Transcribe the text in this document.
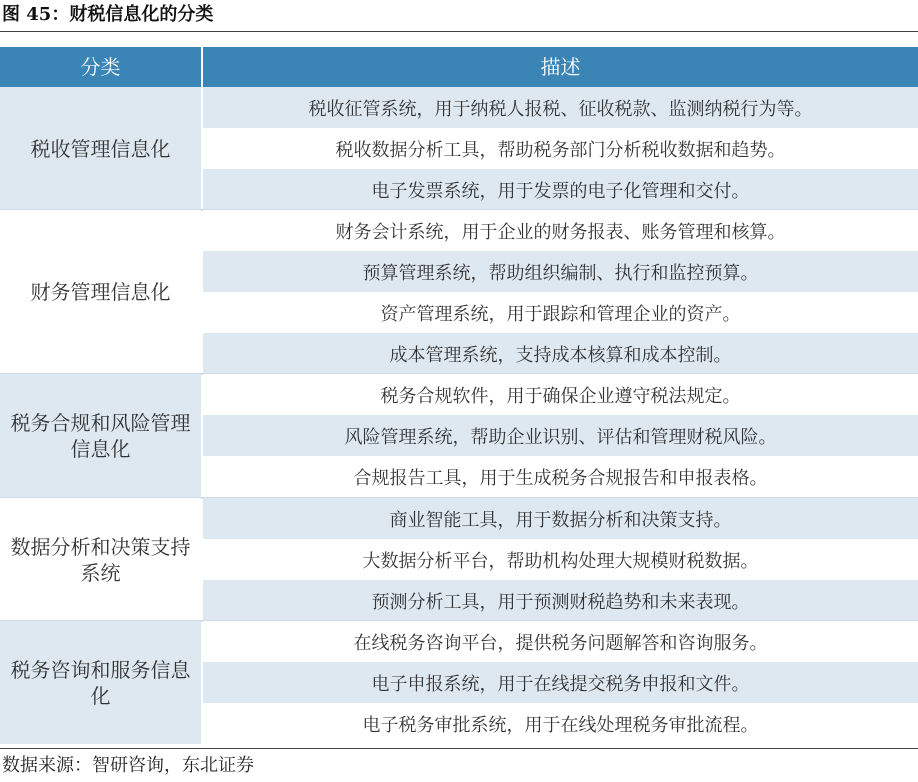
图 45：财税信息化的分类
分类	描述
税收征管系统，用于纳税人报税、征收税款、监测纳税行为等。
税收数据分析工具，帮助税务部门分析税收数据和趋势。
电子发票系统，用于发票的电子化管理和交付。
税收管理信息化
财务会计系统，用于企业的财务报表、账务管理和核算。
预算管理系统，帮助组织编制、执行和监控预算。
资产管理系统，用于跟踪和管理企业的资产。
成本管理系统，支持成本核算和成本控制。
财务管理信息化
税务合规软件，用于确保企业遵守税法规定。
风险管理系统，帮助企业识别、评估和管理财税风险。
合规报告工具，用于生成税务合规报告和申报表格。
税务合规和风险管理信息化
商业智能工具，用于数据分析和决策支持。
大数据分析平台，帮助机构处理大规模财税数据。
预测分析工具，用于预测财税趋势和未来表现。
数据分析和决策支持系统
在线税务咨询平台，提供税务问题解答和咨询服务。
电子申报系统，用于在线提交税务申报和文件。
电子税务审批系统，用于在线处理税务审批流程。
税务咨询和服务信息化
数据来源：智研咨询，东北证券
